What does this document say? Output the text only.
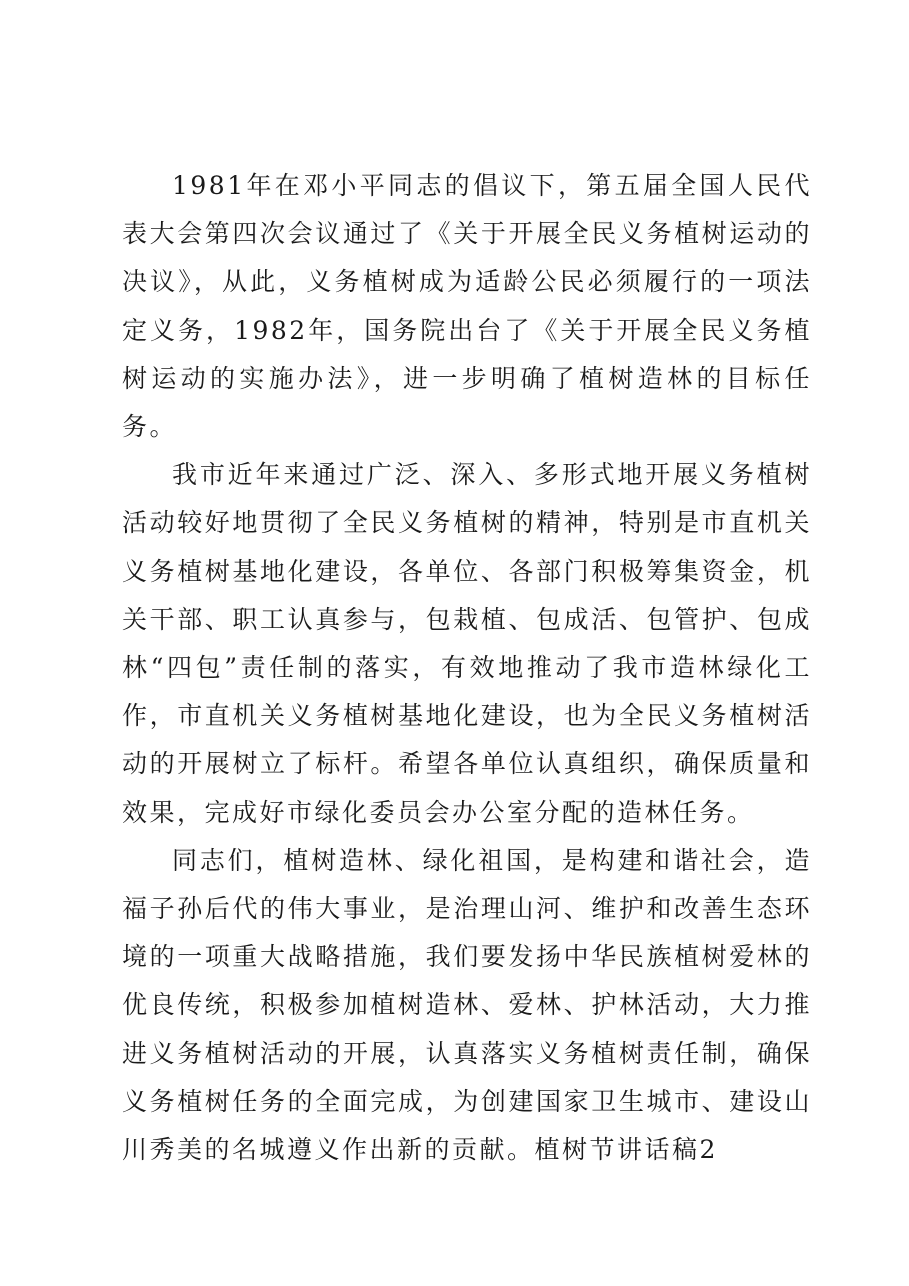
1981年在邓小平同志的倡议下，第五届全国人民代表大会第四次会议通过了《关于开展全民义务植树运动的决议》，从此，义务植树成为适龄公民必须履行的一项法定义务，1982年，国务院出台了《关于开展全民义务植树运动的实施办法》，进一步明确了植树造林的目标任务。

我市近年来通过广泛、深入、多形式地开展义务植树活动较好地贯彻了全民义务植树的精神，特别是市直机关义务植树基地化建设，各单位、各部门积极筹集资金，机关干部、职工认真参与，包栽植、包成活、包管护、包成林“四包”责任制的落实，有效地推动了我市造林绿化工作，市直机关义务植树基地化建设，也为全民义务植树活动的开展树立了标杆。希望各单位认真组织，确保质量和效果，完成好市绿化委员会办公室分配的造林任务。

同志们，植树造林、绿化祖国，是构建和谐社会，造福子孙后代的伟大事业，是治理山河、维护和改善生态环境的一项重大战略措施，我们要发扬中华民族植树爱林的优良传统，积极参加植树造林、爱林、护林活动，大力推进义务植树活动的开展，认真落实义务植树责任制，确保义务植树任务的全面完成，为创建国家卫生城市、建设山川秀美的名城遵义作出新的贡献。植树节讲话稿2
